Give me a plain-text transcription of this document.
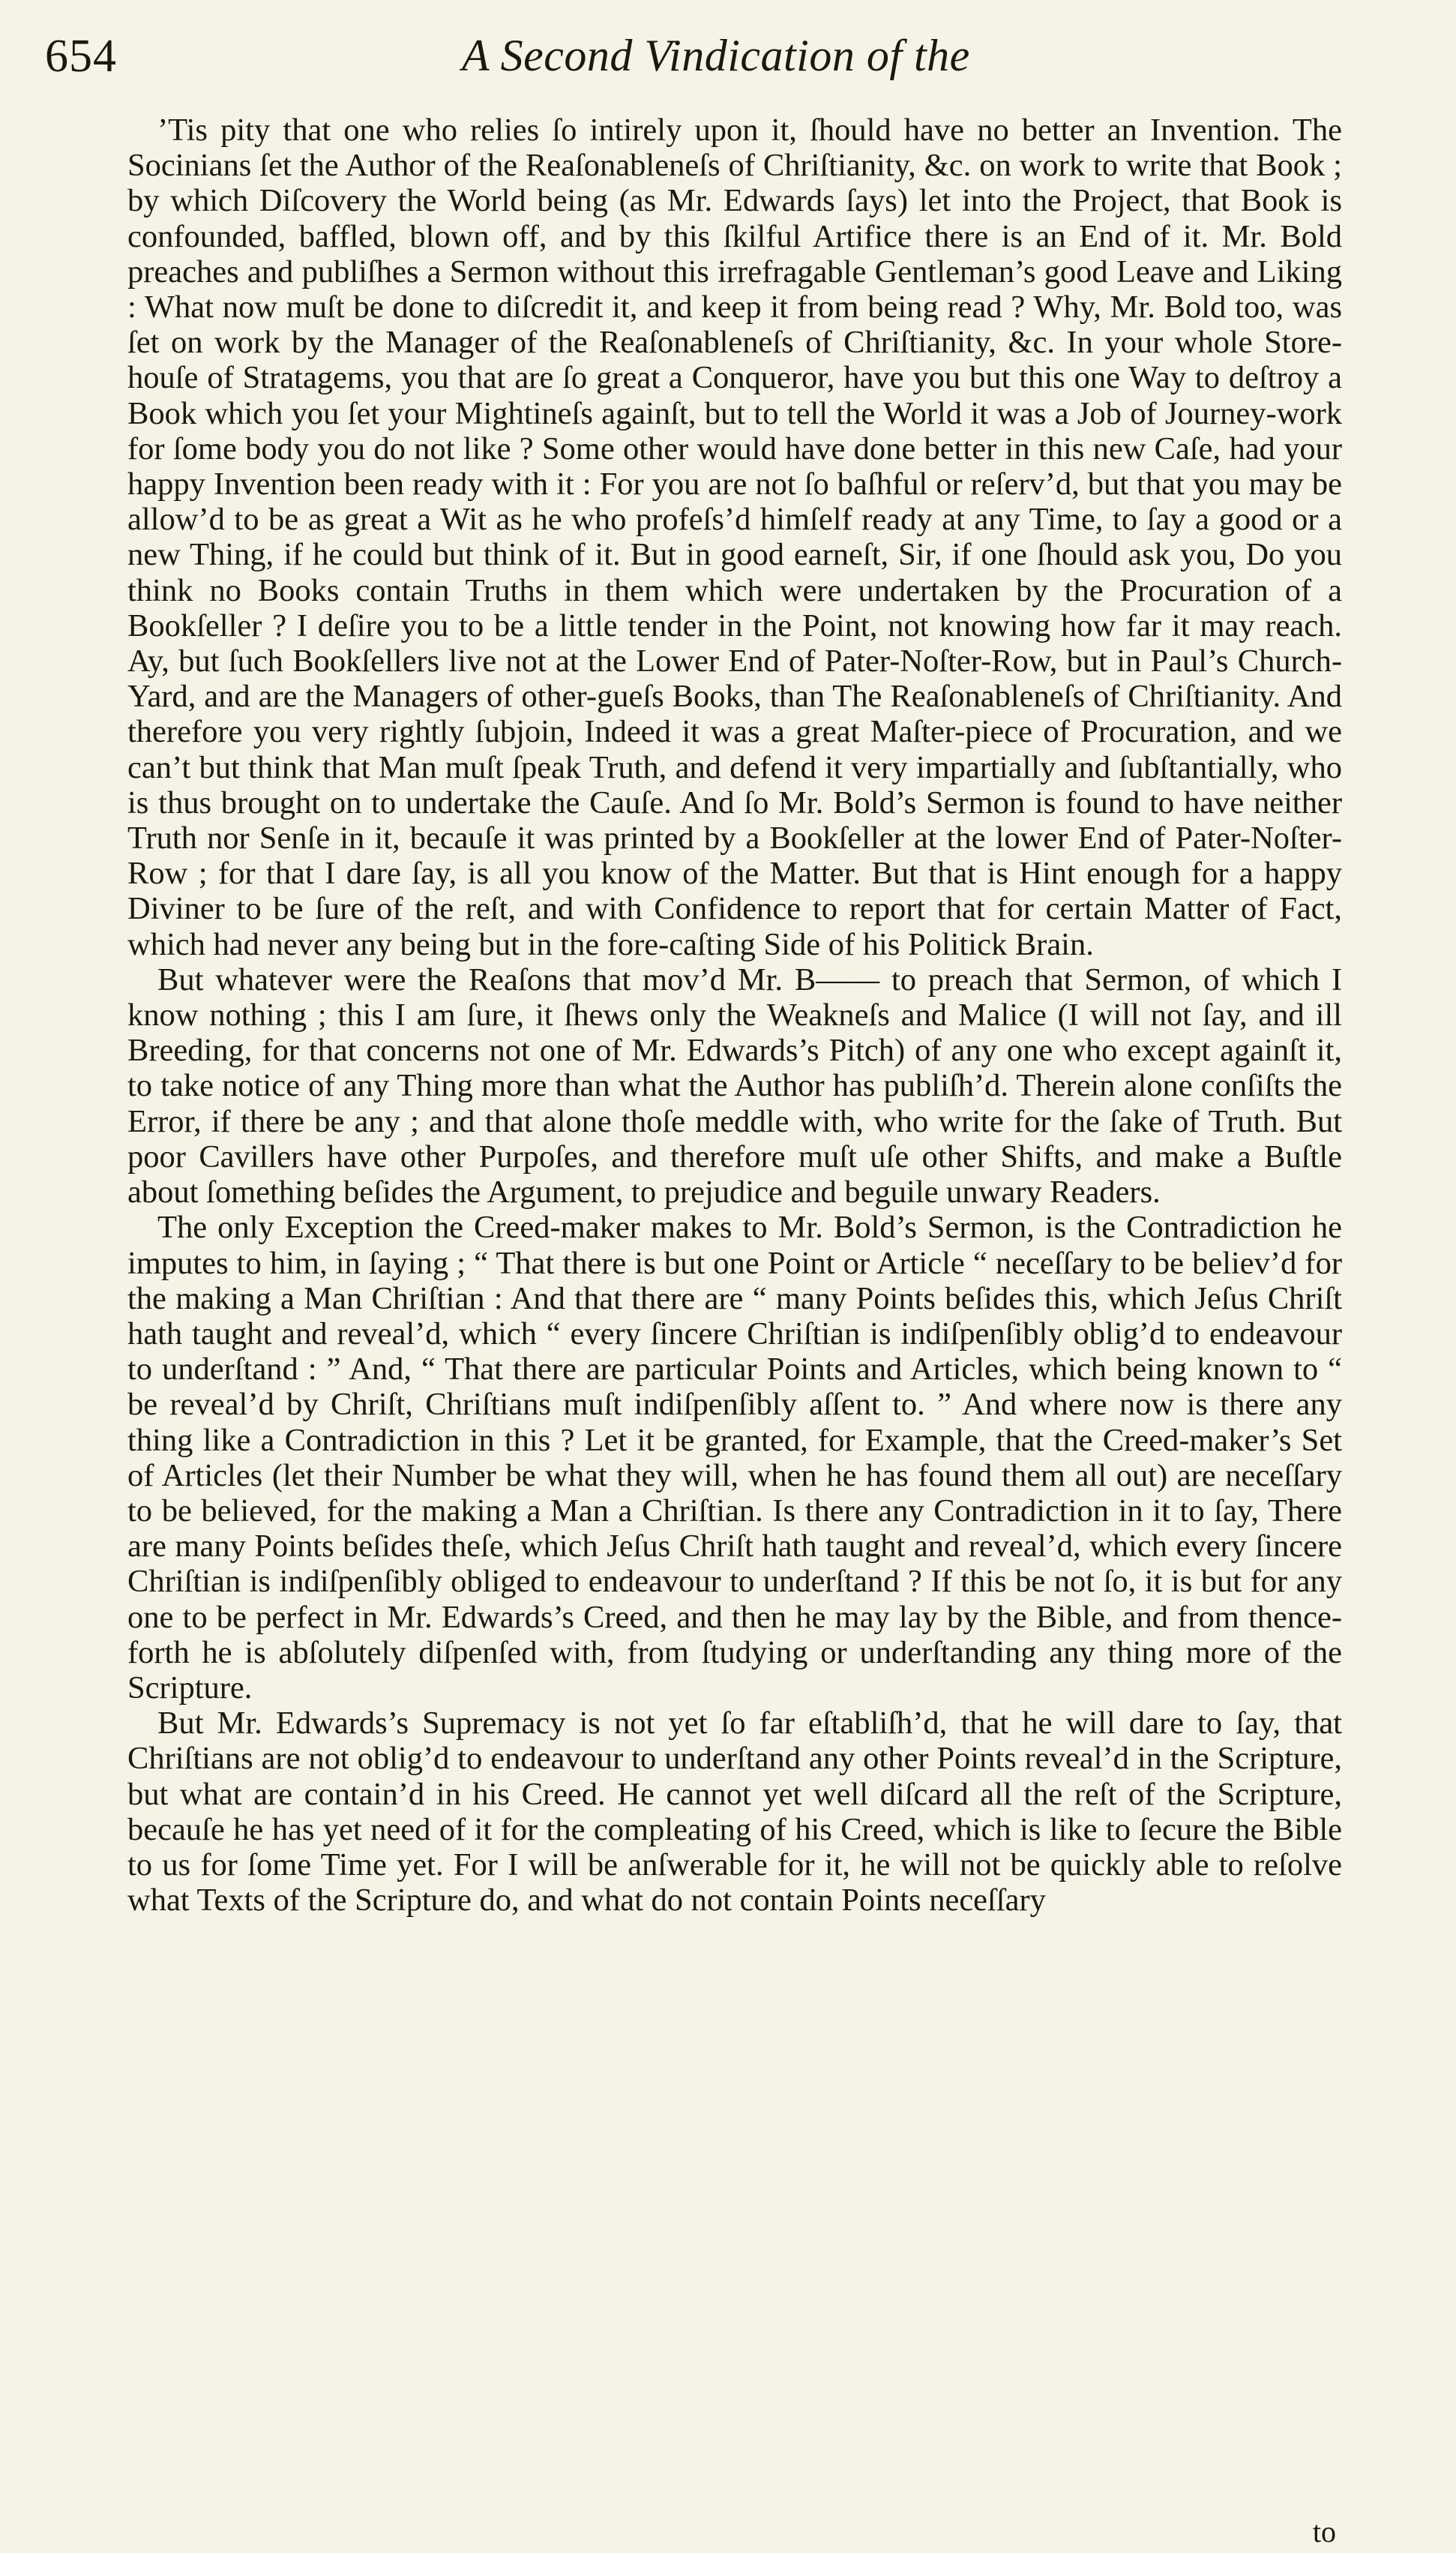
654	A Second Vindication of the

’Tis pity that one who relies ſo intirely upon it, ſhould have no better an Invention. The Socinians ſet the Author of the Reaſonableneſs of Chriſtianity, &c. on work to write that Book ; by which Diſcovery the World being (as Mr. Edwards ſays) let into the Project, that Book is confounded, baffled, blown off, and by this ſkilful Artifice there is an End of it. Mr. Bold preaches and publiſhes a Sermon without this irrefragable Gentleman’s good Leave and Liking : What now muſt be done to diſcredit it, and keep it from being read ? Why, Mr. Bold too, was ſet on work by the Manager of the Reaſonableneſs of Chriſtianity, &c. In your whole Store-houſe of Stratagems, you that are ſo great a Conqueror, have you but this one Way to deſtroy a Book which you ſet your Mightineſs againſt, but to tell the World it was a Job of Journey-work for ſome body you do not like ? Some other would have done better in this new Caſe, had your happy Invention been ready with it : For you are not ſo baſhful or reſerv’d, but that you may be allow’d to be as great a Wit as he who profeſs’d himſelf ready at any Time, to ſay a good or a new Thing, if he could but think of it. But in good earneſt, Sir, if one ſhould ask you, Do you think no Books contain Truths in them which were undertaken by the Procuration of a Bookſeller ? I deſire you to be a little tender in the Point, not knowing how far it may reach. Ay, but ſuch Bookſellers live not at the Lower End of Pater-Noſter-Row, but in Paul’s Church-Yard, and are the Managers of other-gueſs Books, than The Reaſonableneſs of Chriſtianity. And therefore you very rightly ſubjoin, Indeed it was a great Maſter-piece of Procuration, and we can’t but think that Man muſt ſpeak Truth, and defend it very impartially and ſubſtantially, who is thus brought on to undertake the Cauſe. And ſo Mr. Bold’s Sermon is found to have neither Truth nor Senſe in it, becauſe it was printed by a Bookſeller at the lower End of Pater-Noſter-Row ; for that I dare ſay, is all you know of the Matter. But that is Hint enough for a happy Diviner to be ſure of the reſt, and with Confidence to report that for certain Matter of Fact, which had never any being but in the fore-caſting Side of his Politick Brain.

But whatever were the Reaſons that mov’d Mr. B—— to preach that Sermon, of which I know nothing ; this I am ſure, it ſhews only the Weakneſs and Malice (I will not ſay, and ill Breeding, for that concerns not one of Mr. Edwards’s Pitch) of any one who except againſt it, to take notice of any Thing more than what the Author has publiſh’d. Therein alone conſiſts the Error, if there be any ; and that alone thoſe meddle with, who write for the ſake of Truth. But poor Cavillers have other Purpoſes, and therefore muſt uſe other Shifts, and make a Buſtle about ſomething beſides the Argument, to prejudice and beguile unwary Readers.

The only Exception the Creed-maker makes to Mr. Bold’s Sermon, is the Contradiction he imputes to him, in ſaying ; “ That there is but one Point or Article “ neceſſary to be believ’d for the making a Man Chriſtian : And that there are “ many Points beſides this, which Jeſus Chriſt hath taught and reveal’d, which “ every ſincere Chriſtian is indiſpenſibly oblig’d to endeavour to underſtand : ” And, “ That there are particular Points and Articles, which being known to “ be reveal’d by Chriſt, Chriſtians muſt indiſpenſibly aſſent to. ” And where now is there any thing like a Contradiction in this ? Let it be granted, for Example, that the Creed-maker’s Set of Articles (let their Number be what they will, when he has found them all out) are neceſſary to be believed, for the making a Man a Chriſtian. Is there any Contradiction in it to ſay, There are many Points beſides theſe, which Jeſus Chriſt hath taught and reveal’d, which every ſincere Chriſtian is indiſpenſibly obliged to endeavour to underſtand ? If this be not ſo, it is but for any one to be perfect in Mr. Edwards’s Creed, and then he may lay by the Bible, and from thence-forth he is abſolutely diſpenſed with, from ſtudying or underſtanding any thing more of the Scripture.

But Mr. Edwards’s Supremacy is not yet ſo far eſtabliſh’d, that he will dare to ſay, that Chriſtians are not oblig’d to endeavour to underſtand any other Points reveal’d in the Scripture, but what are contain’d in his Creed. He cannot yet well diſcard all the reſt of the Scripture, becauſe he has yet need of it for the compleating of his Creed, which is like to ſecure the Bible to us for ſome Time yet. For I will be anſwerable for it, he will not be quickly able to reſolve what Texts of the Scripture do, and what do not contain Points neceſſary

to
